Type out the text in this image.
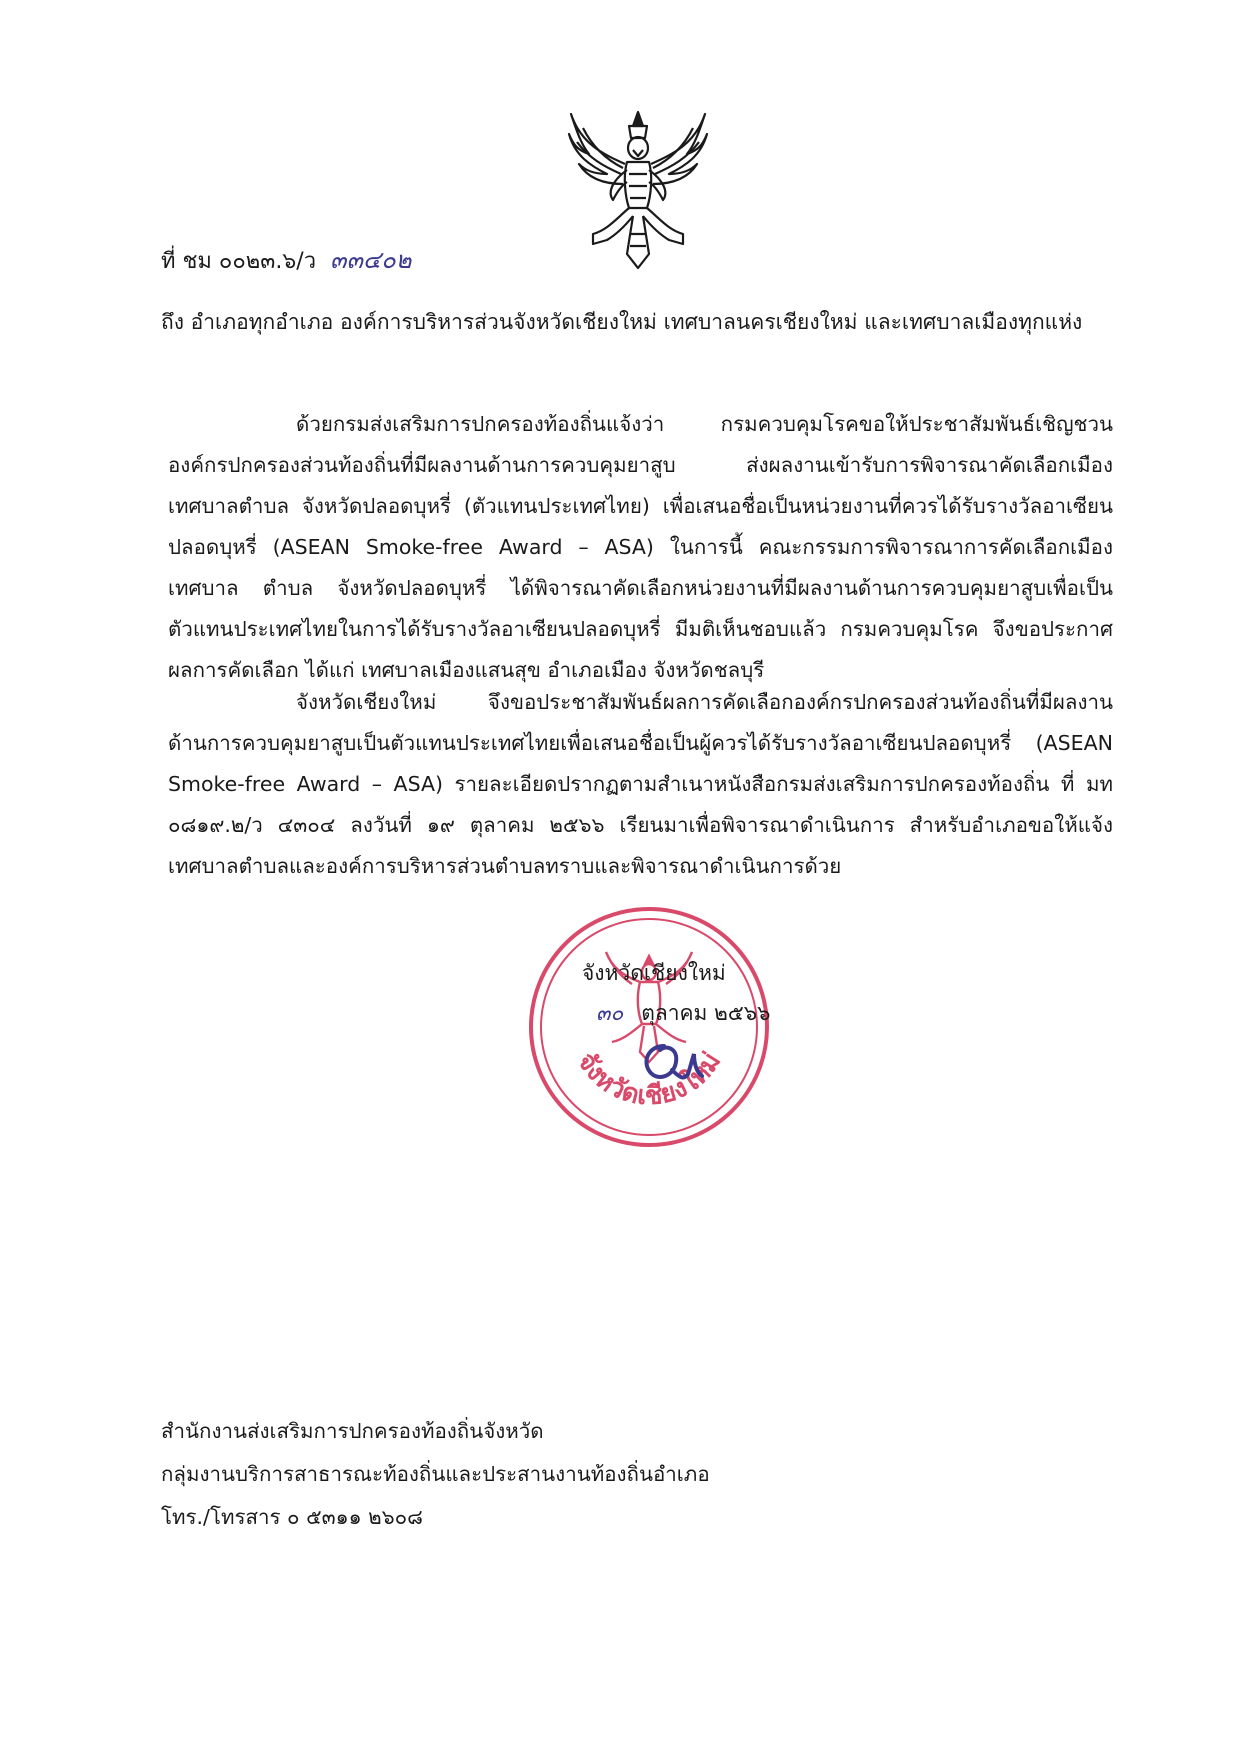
ที่ ชม ๐๐๒๓.๖/ว ๓๓๔๐๒
ถึง อำเภอทุกอำเภอ องค์การบริหารส่วนจังหวัดเชียงใหม่ เทศบาลนครเชียงใหม่ และเทศบาลเมืองทุกแห่ง

ด้วยกรมส่งเสริมการปกครองท้องถิ่นแจ้งว่า กรมควบคุมโรคขอให้ประชาสัมพันธ์เชิญชวน องค์กรปกครองส่วนท้องถิ่นที่มีผลงานด้านการควบคุมยาสูบ ส่งผลงานเข้ารับการพิจารณาคัดเลือกเมือง เทศบาลตำบล จังหวัดปลอดบุหรี่ (ตัวแทนประเทศไทย) เพื่อเสนอชื่อเป็นหน่วยงานที่ควรได้รับรางวัลอาเซียน ปลอดบุหรี่ (ASEAN Smoke-free Award – ASA) ในการนี้ คณะกรรมการพิจารณาการคัดเลือกเมือง เทศบาล ตำบล จังหวัดปลอดบุหรี่ ได้พิจารณาคัดเลือกหน่วยงานที่มีผลงานด้านการควบคุมยาสูบเพื่อเป็น ตัวแทนประเทศไทยในการได้รับรางวัลอาเซียนปลอดบุหรี่ มีมติเห็นชอบแล้ว กรมควบคุมโรค จึงขอประกาศ ผลการคัดเลือก ได้แก่ เทศบาลเมืองแสนสุข อำเภอเมือง จังหวัดชลบุรี

จังหวัดเชียงใหม่ จึงขอประชาสัมพันธ์ผลการคัดเลือกองค์กรปกครองส่วนท้องถิ่นที่มีผลงาน ด้านการควบคุมยาสูบเป็นตัวแทนประเทศไทยเพื่อเสนอชื่อเป็นผู้ควรได้รับรางวัลอาเซียนปลอดบุหรี่ (ASEAN Smoke-free Award – ASA) รายละเอียดปรากฏตามสำเนาหนังสือกรมส่งเสริมการปกครองท้องถิ่น ที่ มท ๐๘๑๙.๒/ว ๔๓๐๔ ลงวันที่ ๑๙ ตุลาคม ๒๕๖๖ เรียนมาเพื่อพิจารณาดำเนินการ สำหรับอำเภอขอให้แจ้ง เทศบาลตำบลและองค์การบริหารส่วนตำบลทราบและพิจารณาดำเนินการด้วย

จังหวัดเชียงใหม่
จังหวัดเชียงใหม่
๓๐ ตุลาคม ๒๕๖๖
สำนักงานส่งเสริมการปกครองท้องถิ่นจังหวัด
กลุ่มงานบริการสาธารณะท้องถิ่นและประสานงานท้องถิ่นอำเภอ
โทร./โทรสาร ๐ ๕๓๑๑ ๒๖๐๘
